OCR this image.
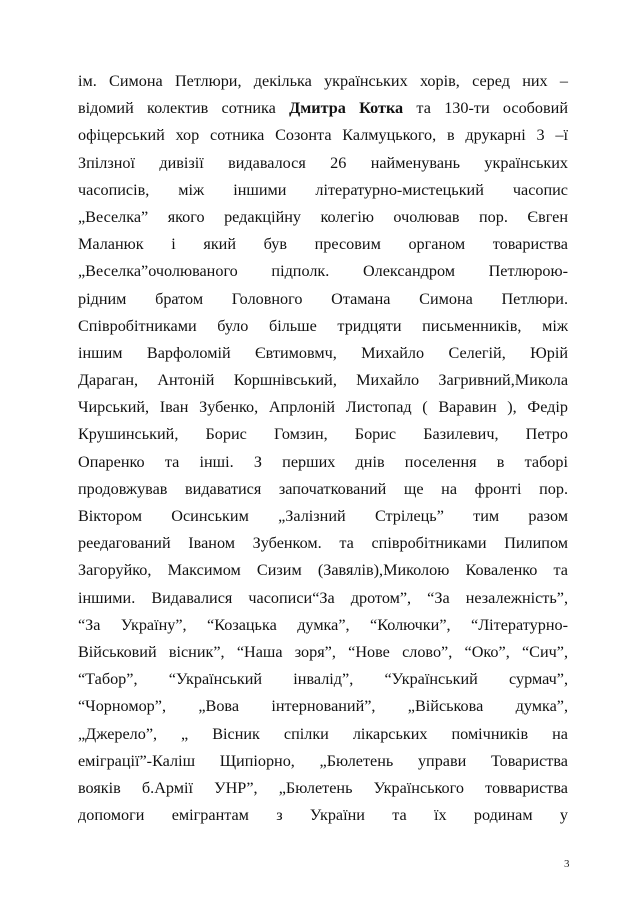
ім. Симона Петлюри, декілька українських хорів, серед них –
відомий колектив сотника Дмитра Котка та 130-ти особовий
офіцерський хор сотника Созонта Калмуцького, в друкарні 3 –ї
Зпілзної дивізії видавалося 26 найменувань українських
часописів, між іншими літературно-мистецький часопис
„Веселка” якого редакційну колегію очолював пор. Євген
Маланюк і який був пресовим органом товариства
„Веселка”очолюваного підполк. Олександром Петлюрою-
рідним братом Головного Отамана Симона Петлюри.
Співробітниками було більше тридцяти письменників, між
іншим Варфоломій Євтимовмч, Михайло Селегій, Юрій
Дараган, Антоній Коршнівський, Михайло Загривний,Микола
Чирський, Іван Зубенко, Апрлоній Листопад ( Варавин ), Федір
Крушинський, Борис Гомзин, Борис Базилевич, Петро
Опаренко та інші. З перших днів поселення в таборі
продовжував видаватися започаткований ще на фронті пор.
Віктором Осинським „Залізний Стрілець” тим разом
реедагований Іваном Зубенком. та співробітниками Пилипом
Загоруйко, Максимом Сизим (Завялів),Миколою Коваленко та
іншими. Видавалися часописи“За дротом”, “За незалежність”,
“За Україну”, “Козацька думка”, “Колючки”, “Літературно-
Військовий вісник”, “Наша зоря”, “Нове слово”, “Око”, “Сич”,
“Табор”, “Український інвалід”, “Український сурмач”,
“Чорномор”, „Вова інтернований”, „Військова думка”,
„Джерело”, „ Вісник спілки лікарських помічників на
еміграції”-Каліш Щипіорно, „Бюлетень управи Товариства
вояків б.Армії УНР”, „Бюлетень Українського товвариства
допомоги емігрантам з України та їх родинам у
3
